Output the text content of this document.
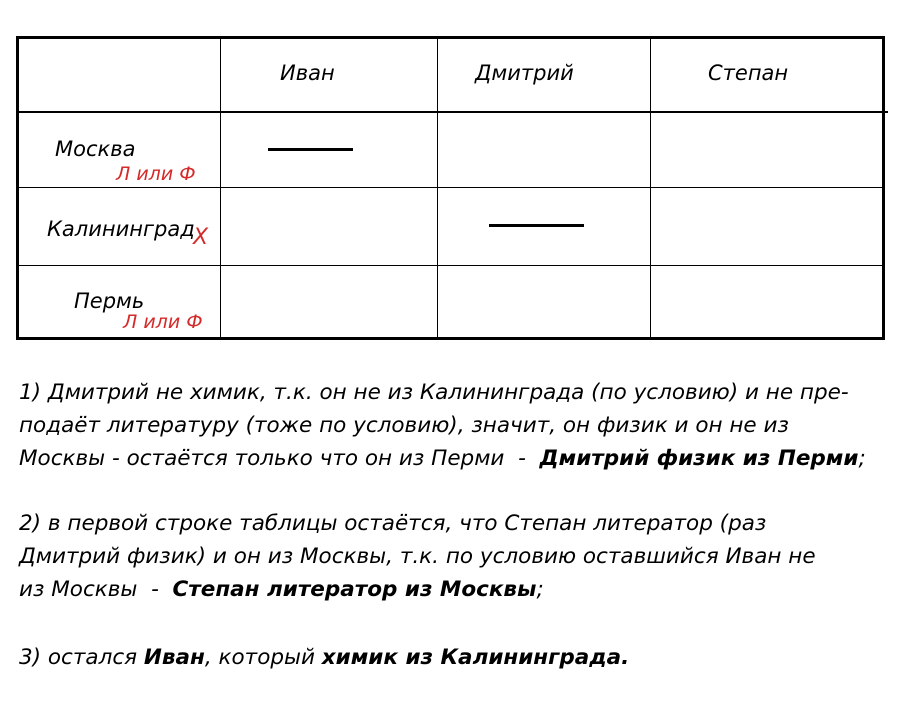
Иван	Дмитрий	Степан
Москва
Л или Ф
Калининград
Х
Пермь
Л или Ф
1) Дмитрий не химик, т.к. он не из Калининграда (по условию) и не пре-
подаёт литературу (тоже по условию), значит, он физик и он не из
Москвы - остаётся только что он из Перми  -  Дмитрий физик из Перми;
2) в первой строке таблицы остаётся, что Степан литератор (раз
Дмитрий физик) и он из Москвы, т.к. по условию оставшийся Иван не
из Москвы  -  Степан литератор из Москвы;
3) остался Иван, который химик из Калининграда.
